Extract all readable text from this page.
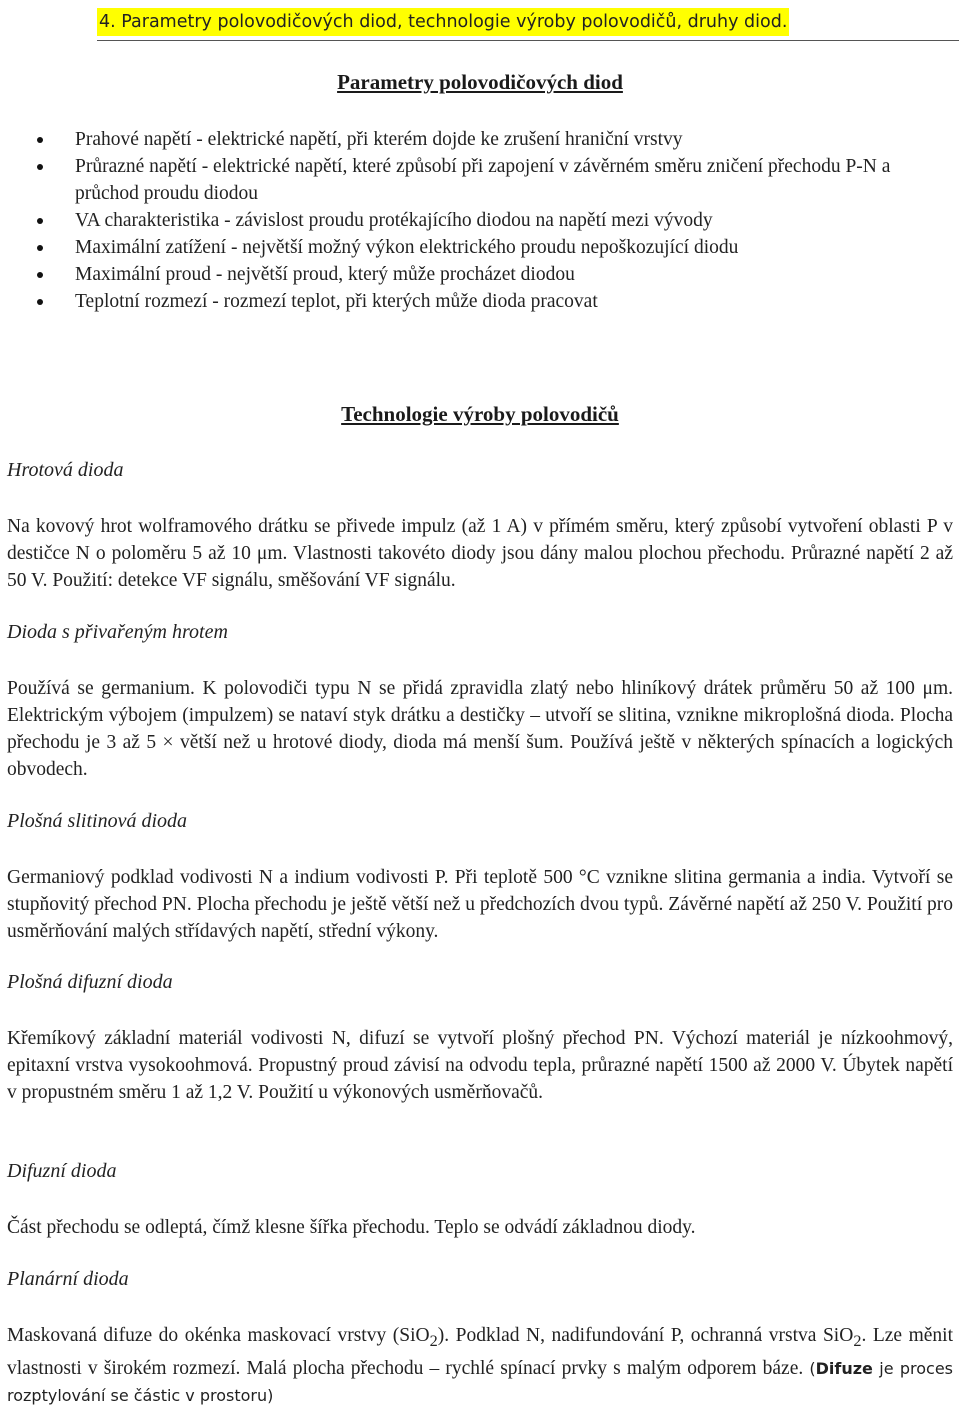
4. Parametry polovodičových diod, technologie výroby polovodičů, druhy diod.
Parametry polovodičových diod
Prahové napětí - elektrické napětí, při kterém dojde ke zrušení hraniční vrstvy
Průrazné napětí - elektrické napětí, které způsobí při zapojení v závěrném směru zničení přechodu P-N a průchod proudu diodou
VA charakteristika - závislost proudu protékajícího diodou na napětí mezi vývody
Maximální zatížení - největší možný výkon elektrického proudu nepoškozující diodu
Maximální proud - největší proud, který může procházet diodou
Teplotní rozmezí - rozmezí teplot, při kterých může dioda pracovat
Technologie výroby polovodičů
Hrotová dioda
Na kovový hrot wolframového drátku se přivede impulz (až 1 A) v přímém směru, který způsobí vytvoření oblasti P v destičce N o poloměru 5 až 10 μm. Vlastnosti takovéto diody jsou dány malou plochou přechodu. Průrazné napětí 2 až 50 V. Použití: detekce VF signálu, směšování VF signálu.
Dioda s přivařeným hrotem
Používá se germanium. K polovodiči typu N se přidá zpravidla zlatý nebo hliníkový drátek průměru 50 až 100 μm. Elektrickým výbojem (impulzem) se nataví styk drátku a destičky – utvoří se slitina, vznikne mikroplošná dioda. Plocha přechodu je 3 až 5 × větší než u hrotové diody, dioda má menší šum. Používá ještě v některých spínacích a logických obvodech.
Plošná slitinová dioda
Germaniový podklad vodivosti N a indium vodivosti P. Při teplotě 500 °C vznikne slitina germania a india. Vytvoří se stupňovitý přechod PN. Plocha přechodu je ještě větší než u předchozích dvou typů. Závěrné napětí až 250 V. Použití pro usměrňování malých střídavých napětí, střední výkony.
Plošná difuzní dioda
Křemíkový základní materiál vodivosti N, difuzí se vytvoří plošný přechod PN. Výchozí materiál je nízkoohmový, epitaxní vrstva vysokoohmová. Propustný proud závisí na odvodu tepla, průrazné napětí 1500 až 2000 V. Úbytek napětí v propustném směru 1 až 1,2 V. Použití u výkonových usměrňovačů.
Difuzní dioda
Část přechodu se odleptá, čímž klesne šířka přechodu. Teplo se odvádí základnou diody.
Planární dioda
Maskovaná difuze do okénka maskovací vrstvy (SiO$_2$). Podklad N, nadifundování P, ochranná vrstva SiO$_2$. Lze měnit vlastnosti v širokém rozmezí. Malá plocha přechodu – rychlé spínací prvky s malým odporem báze. (Difuze je proces rozptylování se částic v prostoru)
